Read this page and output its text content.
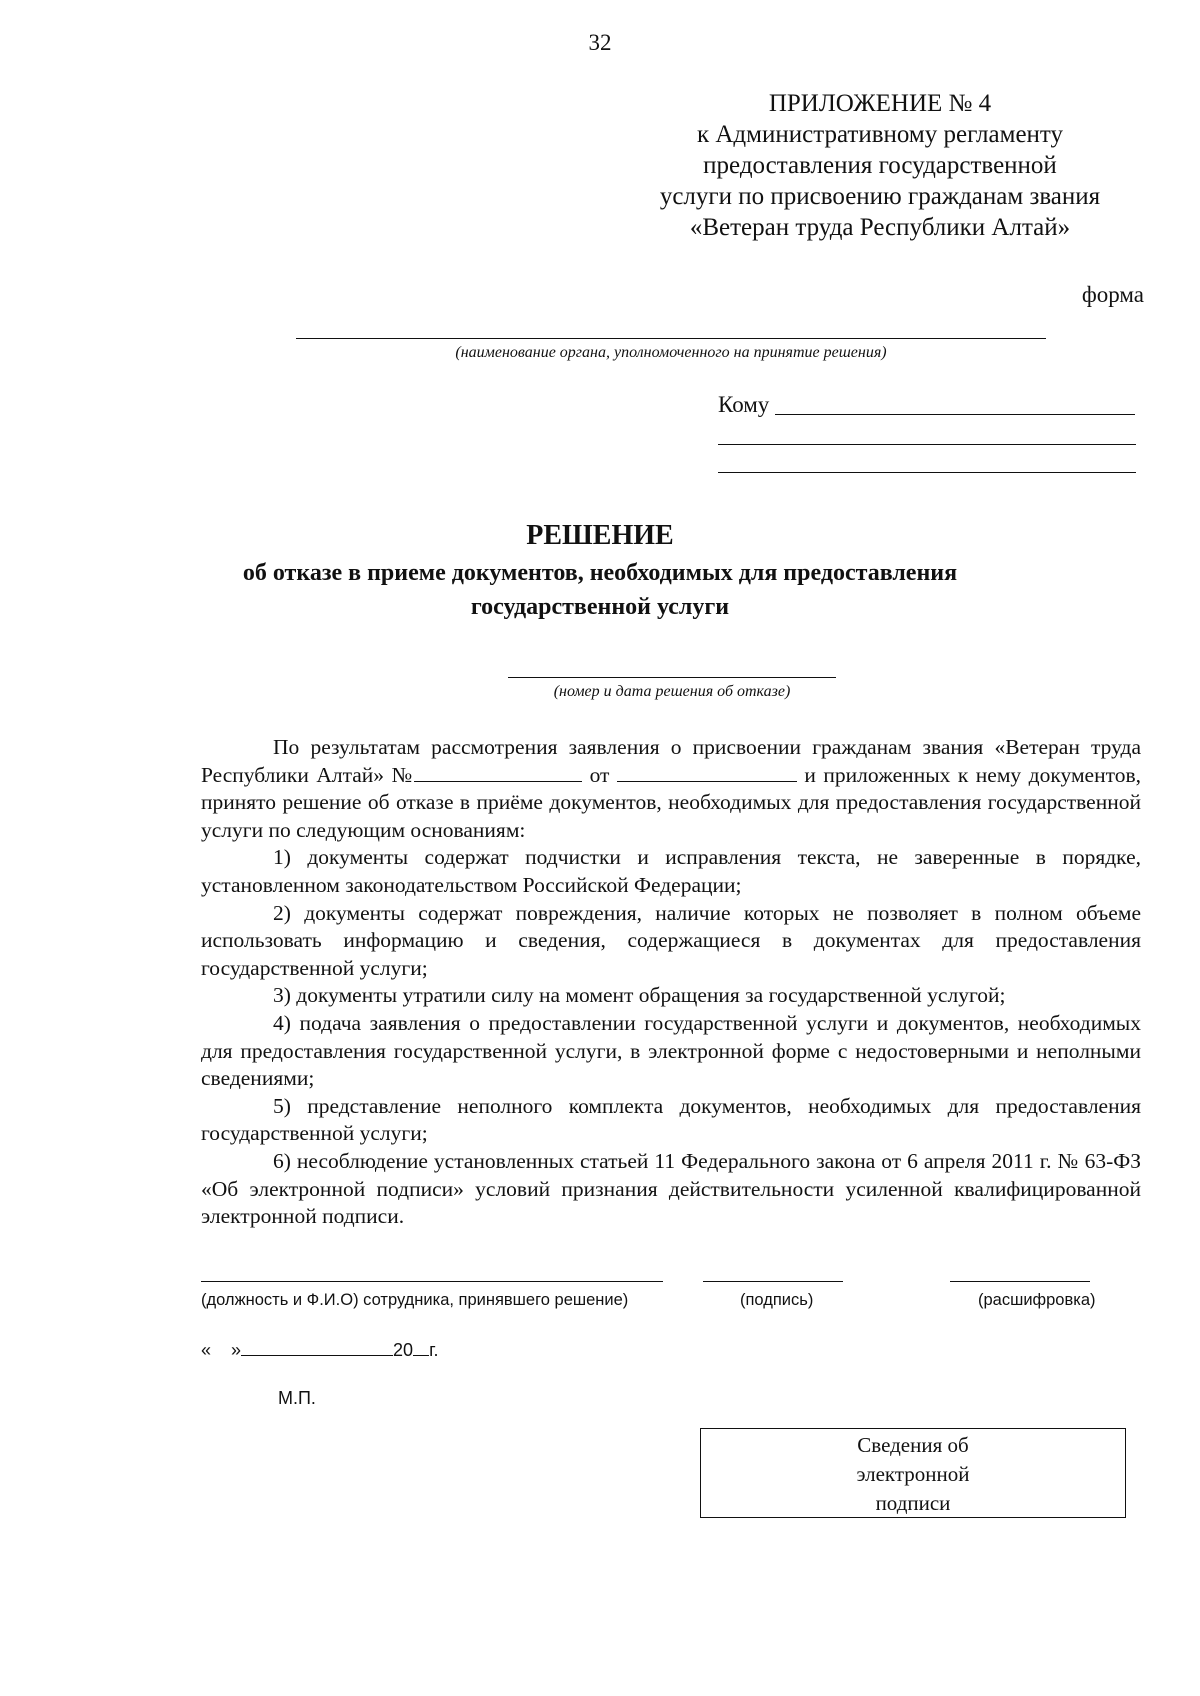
32
ПРИЛОЖЕНИЕ № 4
к Административному регламенту
предоставления государственной
услуги по присвоению гражданам звания
«Ветеран труда Республики Алтай»
форма
(наименование органа, уполномоченного на принятие решения)
Кому
РЕШЕНИЕ
об отказе в приеме документов, необходимых для предоставления
государственной услуги
(номер и дата решения об отказе)

По результатам рассмотрения заявления о присвоении гражданам звания «Ветеран труда Республики Алтай» №	от	и приложенных к нему документов, принято решение об отказе в приёме документов, необходимых для предоставления государственной услуги по следующим основаниям:

1) документы содержат подчистки и исправления текста, не заверенные в порядке, установленном законодательством Российской Федерации;

2) документы содержат повреждения, наличие которых не позволяет в полном объеме использовать информацию и сведения, содержащиеся в документах для предоставления государственной услуги;

3) документы утратили силу на момент обращения за государственной услугой;

4) подача заявления о предоставлении государственной услуги и документов, необходимых для предоставления государственной услуги, в электронной форме с недостоверными и неполными сведениями;

5) представление неполного комплекта документов, необходимых для предоставления государственной услуги;

6) несоблюдение установленных статьей 11 Федерального закона от 6 апреля 2011 г. № 63-ФЗ «Об электронной подписи» условий признания действительности усиленной квалифицированной электронной подписи.

(должность и Ф.И.О) сотрудника, принявшего решение)	(подпись)	(расшифровка)
« »	20 г.
М.П.
Сведения об
электронной
подписи
